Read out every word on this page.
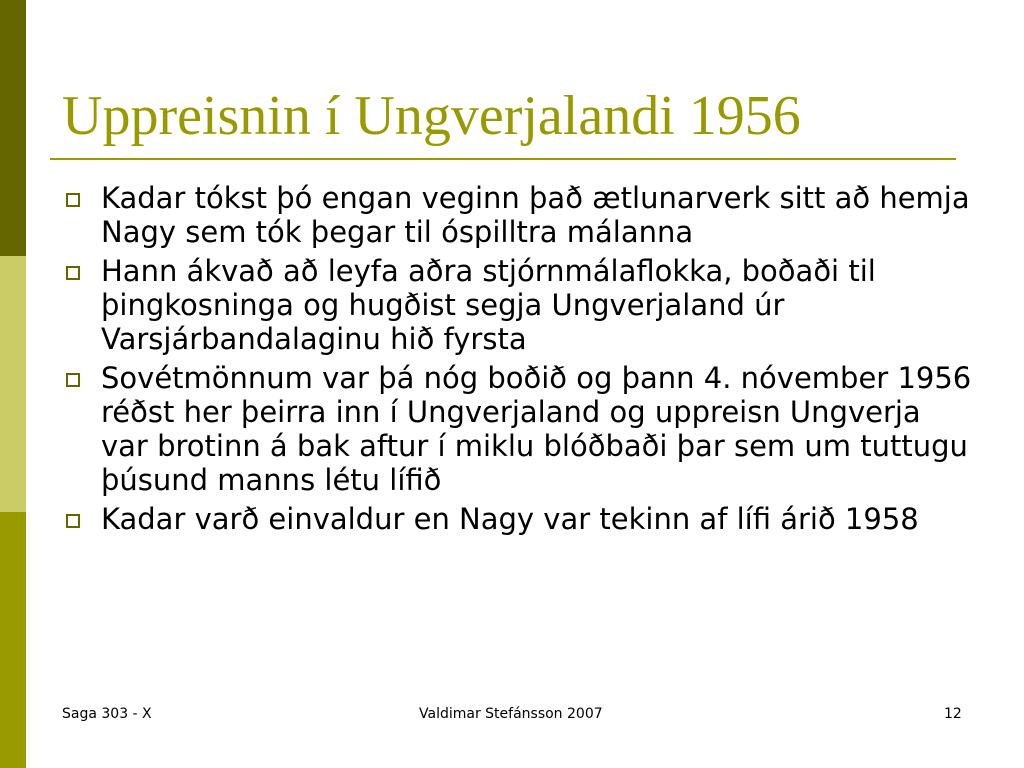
Uppreisnin í Ungverjalandi 1956
Kadar tókst þó engan veginn það ætlunarverk sitt að hemja Nagy sem tók þegar til óspilltra málanna
Hann ákvað að leyfa aðra stjórnmálaflokka, boðaði til þingkosninga og hugðist segja Ungverjaland úr Varsjárbandalaginu hið fyrsta
Sovétmönnum var þá nóg boðið og þann 4. nóvember 1956 réðst her þeirra inn í Ungverjaland og uppreisn Ungverja var brotinn á bak aftur í miklu blóðbaði þar sem um tuttugu þúsund manns létu lífið
Kadar varð einvaldur en Nagy var tekinn af lífi árið 1958
Saga 303 - X	Valdimar Stefánsson 2007	12
